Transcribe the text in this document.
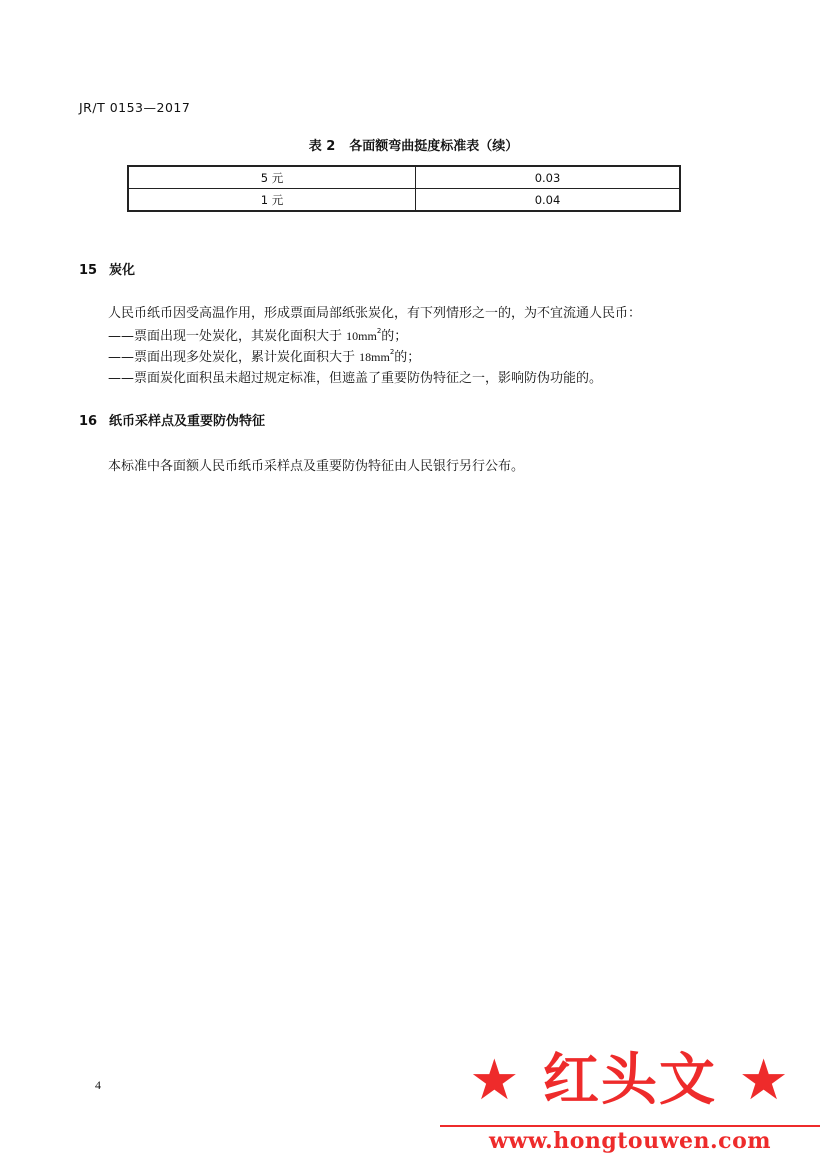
JR/T 0153—2017
表 2 各面额弯曲挺度标准表（续）
5 元	0.03
1 元	0.04
15 炭化
人民币纸币因受高温作用，形成票面局部纸张炭化，有下列情形之一的，为不宜流通人民币：
——票面出现一处炭化，其炭化面积大于 $10mm^2$的；
——票面出现多处炭化，累计炭化面积大于 $18mm^2$的；
——票面炭化面积虽未超过规定标准，但遮盖了重要防伪特征之一，影响防伪功能的。
16 纸币采样点及重要防伪特征
本标准中各面额人民币纸币采样点及重要防伪特征由人民银行另行公布。
4	★ 红头文 ★
www.hongtouwen.com
